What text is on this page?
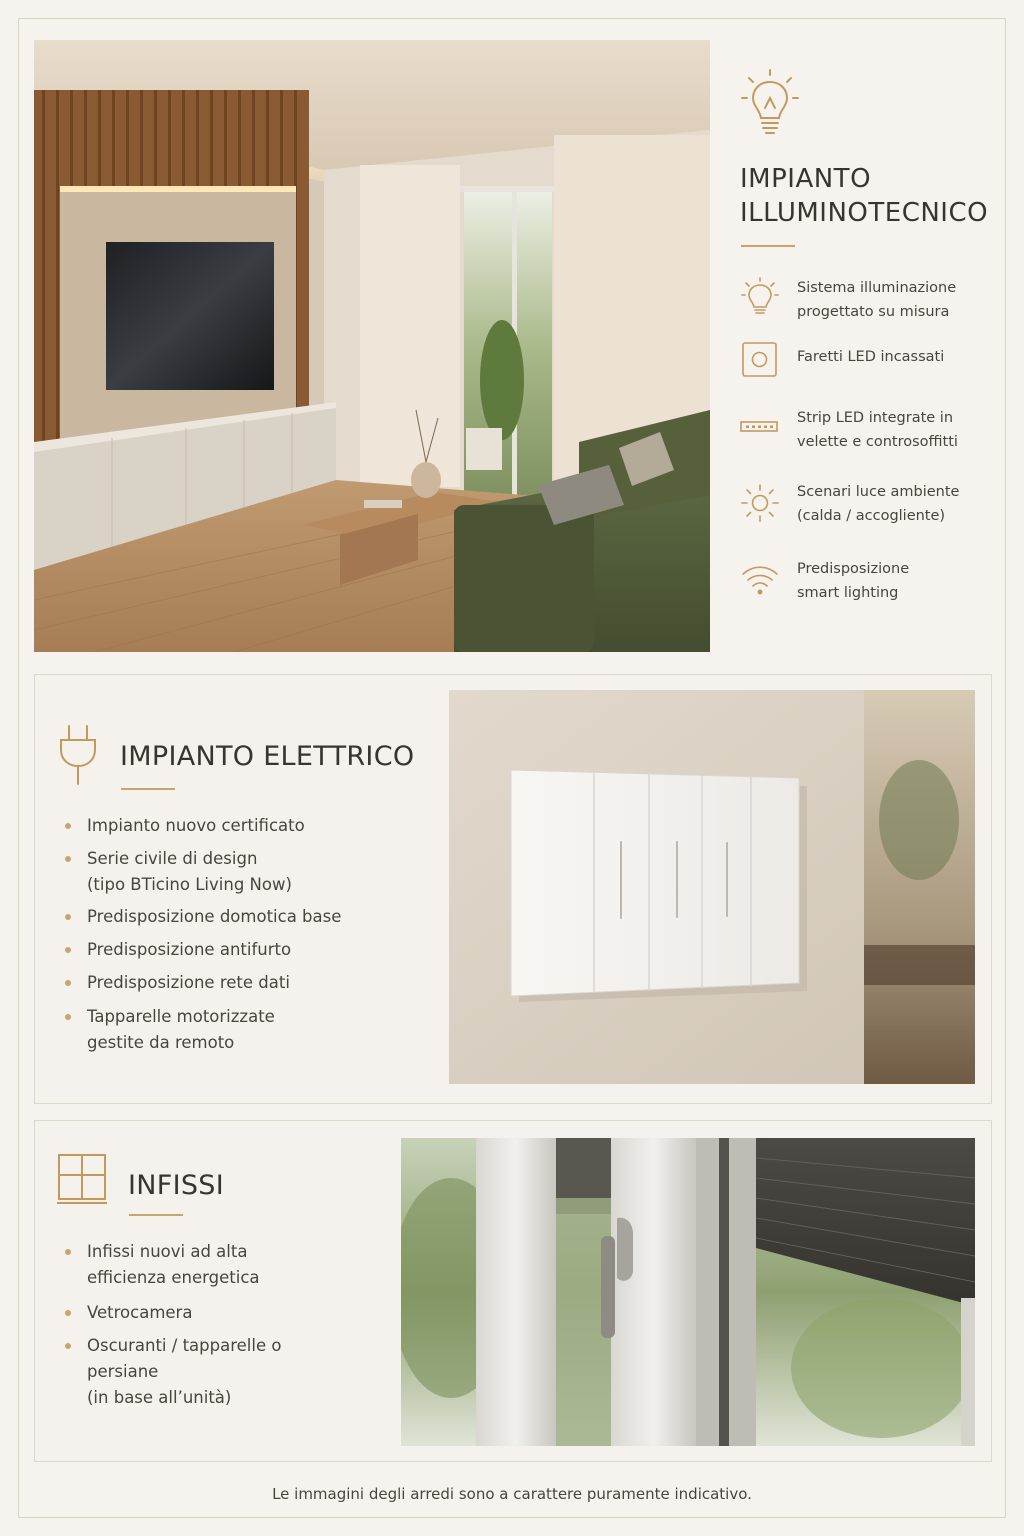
IMPIANTO
ILLUMINOTECNICO
Sistema illuminazione
progettato su misura
Faretti LED incassati
Strip LED integrate in
velette e controsoffitti
Scenari luce ambiente
(calda / accogliente)
Predisposizione
smart lighting
IMPIANTO ELETTRICO
Impianto nuovo certificato
Serie civile di design
(tipo BTicino Living Now)
Predisposizione domotica base
Predisposizione antifurto
Predisposizione rete dati
Tapparelle motorizzate
gestite da remoto
INFISSI
Infissi nuovi ad alta
efficienza energetica
Vetrocamera
Oscuranti / tapparelle o
persiane
(in base all’unità)
Le immagini degli arredi sono a carattere puramente indicativo.
